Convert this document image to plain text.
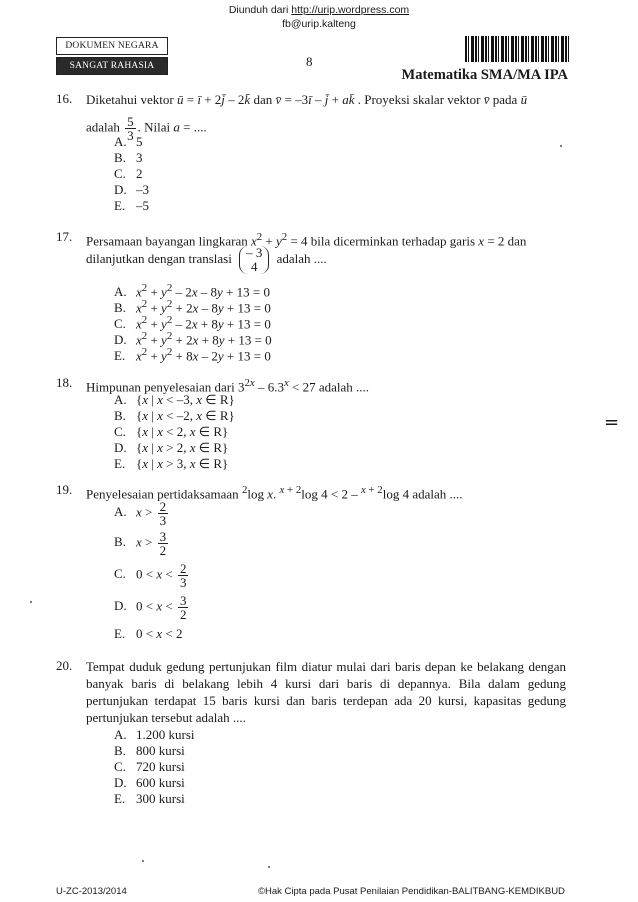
Diunduh dari http://urip.wordpress.com
fb@urip.kalteng
DOKUMEN NEGARA
SANGAT RAHASIA	8
Matematika SMA/MA IPA
16.	Diketahui vektor ū = ī + 2j̄ – 2k̄ dan v̄ = –3ī – j̄ + ak̄ . Proyeksi skalar vektor v̄ pada ū
adalah $\frac{5}{3}$ . Nilai a = ....
A. 5
B. 3
C. 2
D. –3
E. –5
17.	Persamaan bayangan lingkaran $x^2 + y^2 = 4$ bila dicerminkan terhadap garis x = 2 dan
dilanjutkan dengan translasi – 3
4
adalah ....
A. $x^2 + y^2 - 2x - 8y + 13 = 0$
B. $x^2 + y^2 + 2x - 8y + 13 = 0$
C. $x^2 + y^2 - 2x + 8y + 13 = 0$
D. $x^2 + y^2 + 2x + 8y + 13 = 0$
E. $x^2 + y^2 + 8x - 2y + 13 = 0$
18.	Himpunan penyelesaian dari $3^{2x} - 6.3^x < 27$ adalah ....
A. {x | x < –3, x ∈ R}
B. {x | x < –2, x ∈ R}
C. {x | x < 2, x ∈ R}
D. {x | x > 2, x ∈ R}
E. {x | x > 3, x ∈ R}
19.	Penyelesaian pertidaksamaan $^2$log x. $^{x + 2}$log 4 < 2 – $^{x + 2}$log 4 adalah ....
A. $x > \frac{2}{3}$
B. $x > \frac{3}{2}$
C. $0 < x < \frac{2}{3}$
D. $0 < x < \frac{3}{2}$
E. 0 < x < 2
20.	Tempat duduk gedung pertunjukan film diatur mulai dari baris depan ke belakang dengan banyak baris di belakang lebih 4 kursi dari baris di depannya. Bila dalam gedung pertunjukan terdapat 15 baris kursi dan baris terdepan ada 20 kursi, kapasitas gedung pertunjukan tersebut adalah ....
A. 1.200 kursi
B. 800 kursi
C. 720 kursi
D. 600 kursi
E. 300 kursi
=
U-ZC-2013/2014	©Hak Cipta pada Pusat Penilaian Pendidikan-BALITBANG-KEMDIKBUD
